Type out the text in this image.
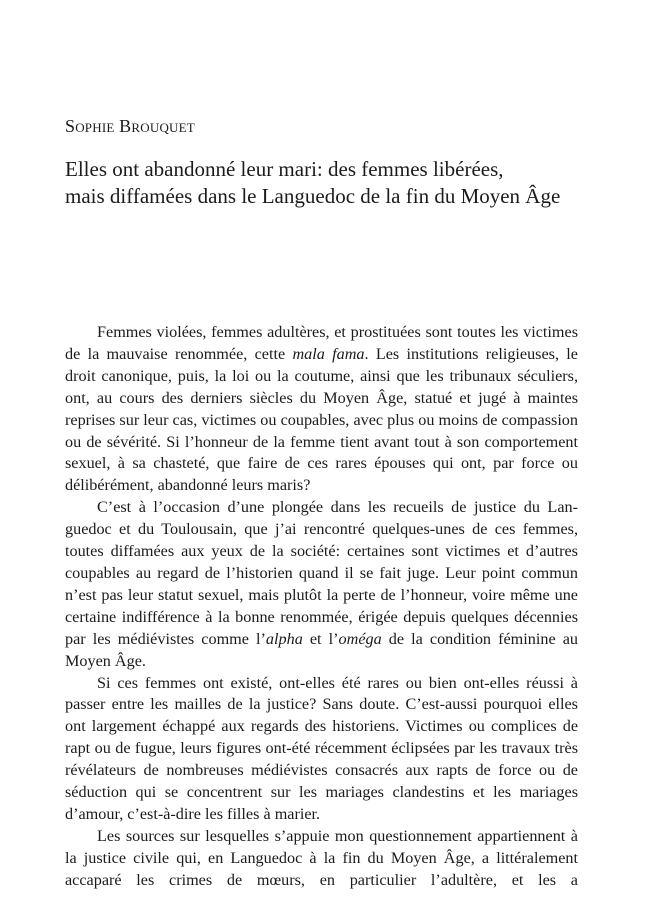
Sophie Brouquet
Elles ont abandonné leur mari: des femmes libérées,
mais diffamées dans le Languedoc de la fin du Moyen Âge

Femmes violées, femmes adultères, et prostituées sont toutes les victimes de la mauvaise renommée, cette mala fama. Les institutions religieuses, le droit canonique, puis, la loi ou la coutume, ainsi que les tribunaux séculiers, ont, au cours des derniers siècles du Moyen Âge, statué et jugé à maintes reprises sur leur cas, victimes ou coupables, avec plus ou moins de compassion ou de sévérité. Si l’honneur de la femme tient avant tout à son comportement sexuel, à sa chasteté, que faire de ces rares épouses qui ont, par force ou délibérément, abandonné leurs maris?

C’est à l’occasion d’une plongée dans les recueils de justice du Languedoc et du Toulousain, que j’ai rencontré quelques-unes de ces femmes, toutes diffamées aux yeux de la société: certaines sont victimes et d’autres coupables au regard de l’historien quand il se fait juge. Leur point commun n’est pas leur statut sexuel, mais plutôt la perte de l’honneur, voire même une certaine indifférence à la bonne renommée, érigée depuis quelques décennies par les médiévistes comme l’alpha et l’oméga de la condition féminine au Moyen Âge.

Si ces femmes ont existé, ont-elles été rares ou bien ont-elles réussi à passer entre les mailles de la justice? Sans doute. C’est-aussi pourquoi elles ont largement échappé aux regards des historiens. Victimes ou complices de rapt ou de fugue, leurs figures ont-été récemment éclipsées par les travaux très révélateurs de nombreuses médiévistes consacrés aux rapts de force ou de séduction qui se concentrent sur les mariages clandestins et les mariages d’amour, c’est-à-dire les filles à marier.

Les sources sur lesquelles s’appuie mon questionnement appartiennent à la justice civile qui, en Languedoc à la fin du Moyen Âge, a littéralement accaparé les crimes de mœurs, en particulier l’adultère, et les a
